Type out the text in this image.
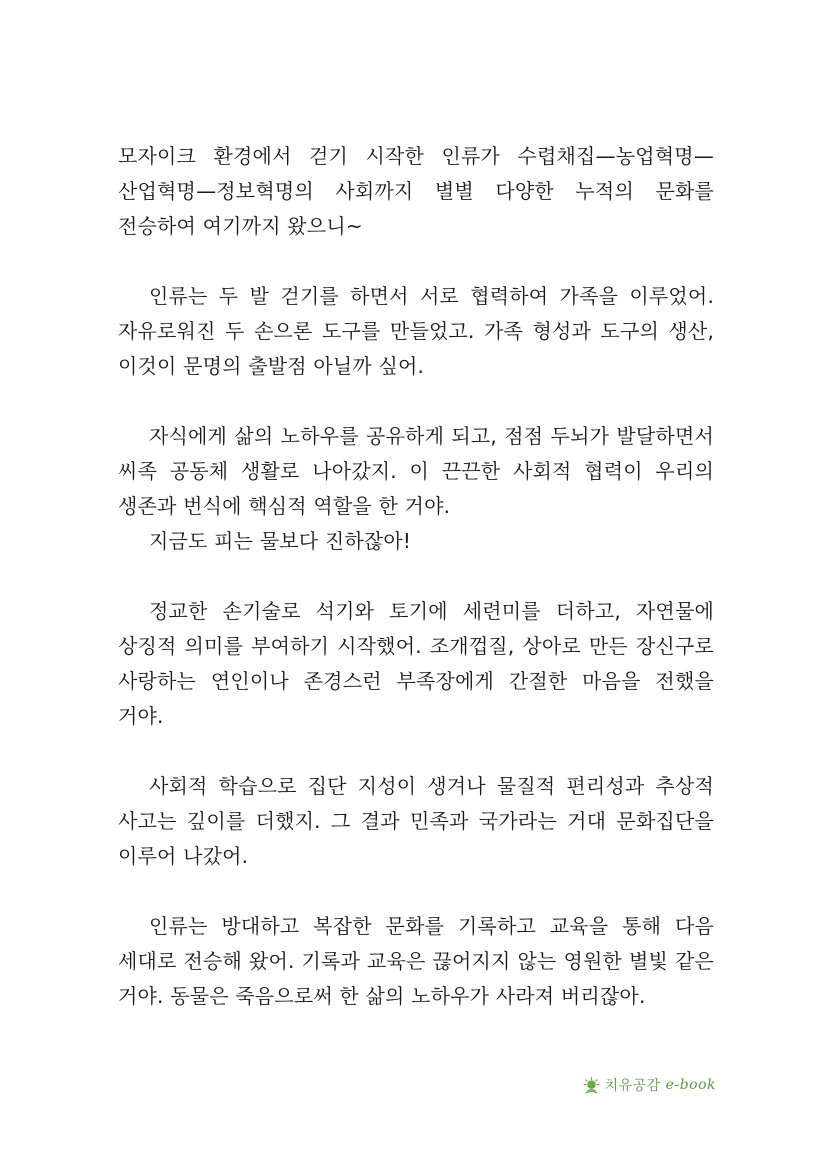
모자이크 환경에서 걷기 시작한 인류가 수렵채집—농업혁명—산업혁명—정보혁명의 사회까지 별별 다양한 누적의 문화를 전승하여 여기까지 왔으니~

인류는 두 발 걷기를 하면서 서로 협력하여 가족을 이루었어. 자유로워진 두 손으론 도구를 만들었고. 가족 형성과 도구의 생산, 이것이 문명의 출발점 아닐까 싶어.

자식에게 삶의 노하우를 공유하게 되고, 점점 두뇌가 발달하면서 씨족 공동체 생활로 나아갔지. 이 끈끈한 사회적 협력이 우리의 생존과 번식에 핵심적 역할을 한 거야.

지금도 피는 물보다 진하잖아!

정교한 손기술로 석기와 토기에 세련미를 더하고, 자연물에 상징적 의미를 부여하기 시작했어. 조개껍질, 상아로 만든 장신구로 사랑하는 연인이나 존경스런 부족장에게 간절한 마음을 전했을 거야.

사회적 학습으로 집단 지성이 생겨나 물질적 편리성과 추상적 사고는 깊이를 더했지. 그 결과 민족과 국가라는 거대 문화집단을 이루어 나갔어.

인류는 방대하고 복잡한 문화를 기록하고 교육을 통해 다음 세대로 전승해 왔어. 기록과 교육은 끊어지지 않는 영원한 별빛 같은 거야. 동물은 죽음으로써 한 삶의 노하우가 사라져 버리잖아.

치유공감 e-book
